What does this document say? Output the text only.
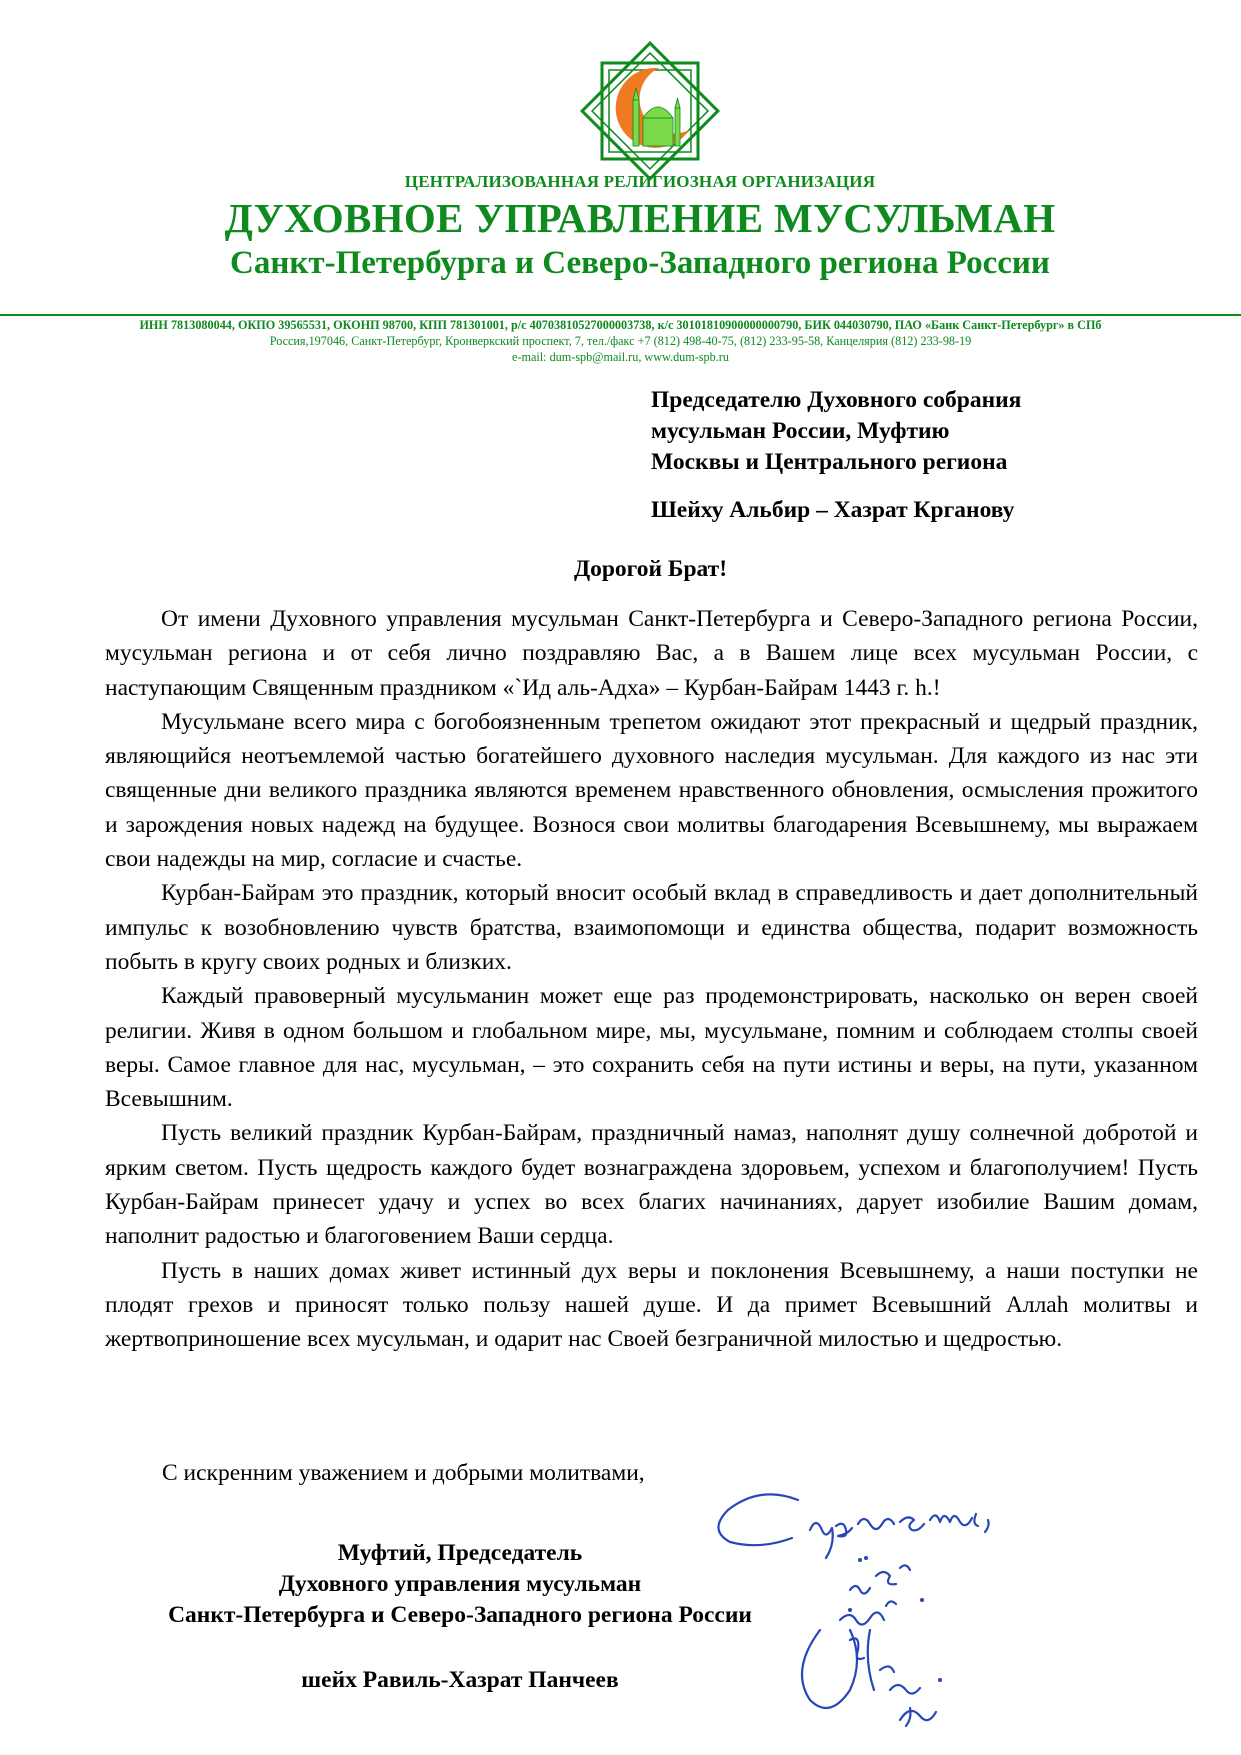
ЦЕНТРАЛИЗОВАННАЯ РЕЛИГИОЗНАЯ ОРГАНИЗАЦИЯ
ДУХОВНОЕ УПРАВЛЕНИЕ МУСУЛЬМАН
Санкт-Петербурга и Северо-Западного региона России
ИНН 7813080044, ОКПО 39565531, ОКОНП 98700, КПП 781301001, р/с 40703810527000003738, к/с 30101810900000000790, БИК 044030790, ПАО «Банк Санкт-Петербург» в СПб
Россия,197046, Санкт-Петербург, Кронверкский проспект, 7, тел./факс +7 (812) 498-40-75, (812) 233-95-58, Канцелярия (812) 233-98-19
e-mail: dum-spb@mail.ru, www.dum-spb.ru
Председателю Духовного собрания
мусульман России, Муфтию
Москвы и Центрального региона
Шейху Альбир – Хазрат Крганову
Дорогой Брат!

От имени Духовного управления мусульман Санкт-Петербурга и Северо-Западного региона России, мусульман региона и от себя лично поздравляю Вас, а в Вашем лице всех мусульман России, с наступающим Священным праздником «`Ид аль-Адха» – Курбан-Байрам 1443 г. h.!

Мусульмане всего мира с богобоязненным трепетом ожидают этот прекрасный и щедрый праздник, являющийся неотъемлемой частью богатейшего духовного наследия мусульман. Для каждого из нас эти священные дни великого праздника являются временем нравственного обновления, осмысления прожитого и зарождения новых надежд на будущее. Вознося свои молитвы благодарения Всевышнему, мы выражаем свои надежды на мир, согласие и счастье.

Курбан-Байрам это праздник, который вносит особый вклад в справедливость и дает дополнительный импульс к возобновлению чувств братства, взаимопомощи и единства общества, подарит возможность побыть в кругу своих родных и близких.

Каждый правоверный мусульманин может еще раз продемонстрировать, насколько он верен своей религии. Живя в одном большом и глобальном мире, мы, мусульмане, помним и соблюдаем столпы своей веры. Самое главное для нас, мусульман, – это сохранить себя на пути истины и веры, на пути, указанном Всевышним.

Пусть великий праздник Курбан-Байрам, праздничный намаз, наполнят душу солнечной добротой и ярким светом. Пусть щедрость каждого будет вознаграждена здоровьем, успехом и благополучием! Пусть Курбан-Байрам принесет удачу и успех во всех благих начинаниях, дарует изобилие Вашим домам, наполнит радостью и благоговением Ваши сердца.

Пусть в наших домах живет истинный дух веры и поклонения Всевышнему, а наши поступки не плодят грехов и приносят только пользу нашей душе. И да примет Всевышний Аллаh молитвы и жертвоприношение всех мусульман, и одарит нас Своей безграничной милостью и щедростью.

С искренним уважением и добрыми молитвами,
Муфтий, Председатель
Духовного управления мусульман
Санкт-Петербурга и Северо-Западного региона России
шейх Равиль-Хазрат Панчеев
